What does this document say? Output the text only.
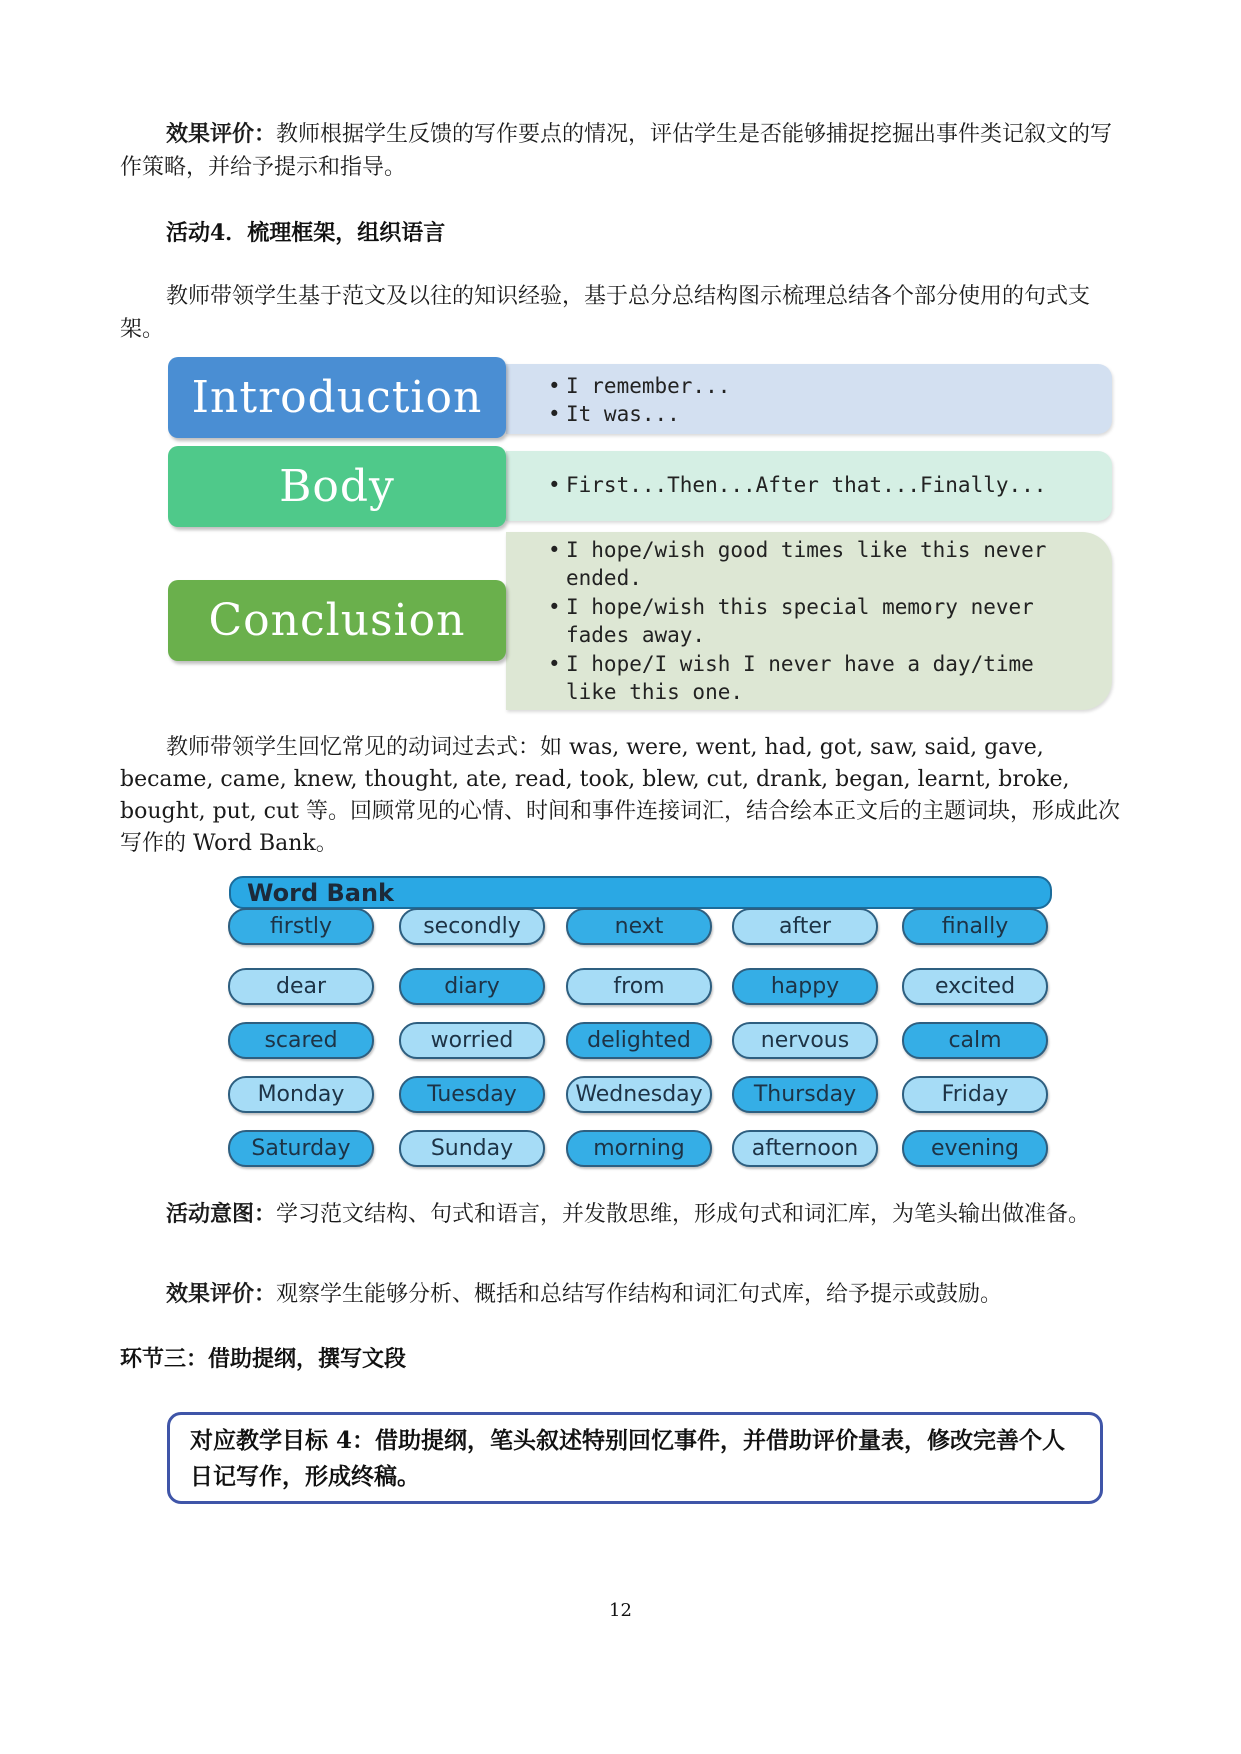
效果评价：教师根据学生反馈的写作要点的情况，评估学生是否能够捕捉挖掘出事件类记叙文的写作策略，并给予提示和指导。
活动4．梳理框架，组织语言
教师带领学生基于范文及以往的知识经验，基于总分总结构图示梳理总结各个部分使用的句式支架。
• I remember...
• It was...
Introduction
• First...Then...After that...Finally...
Body
• I hope/wish good times like this never ended.
• I hope/wish this special memory never fades away.
• I hope/I wish I never have a day/time like this one.
Conclusion
教师带领学生回忆常见的动词过去式：如 was, were, went, had, got, saw, said, gave, became, came, knew, thought, ate, read, took, blew, cut, drank, began, learnt, broke, bought, put, cut 等。回顾常见的心情、时间和事件连接词汇，结合绘本正文后的主题词块，形成此次写作的 Word Bank。
Word Bank
firstly	secondly	next	after	finally
dear	diary	from	happy	excited
scared	worried	delighted	nervous	calm
Monday	Tuesday	Wednesday	Thursday	Friday
Saturday	Sunday	morning	afternoon	evening
活动意图：学习范文结构、句式和语言，并发散思维，形成句式和词汇库，为笔头输出做准备。
效果评价：观察学生能够分析、概括和总结写作结构和词汇句式库，给予提示或鼓励。
环节三：借助提纲，撰写文段
对应教学目标 4：借助提纲，笔头叙述特别回忆事件，并借助评价量表，修改完善个人日记写作，形成终稿。
12
